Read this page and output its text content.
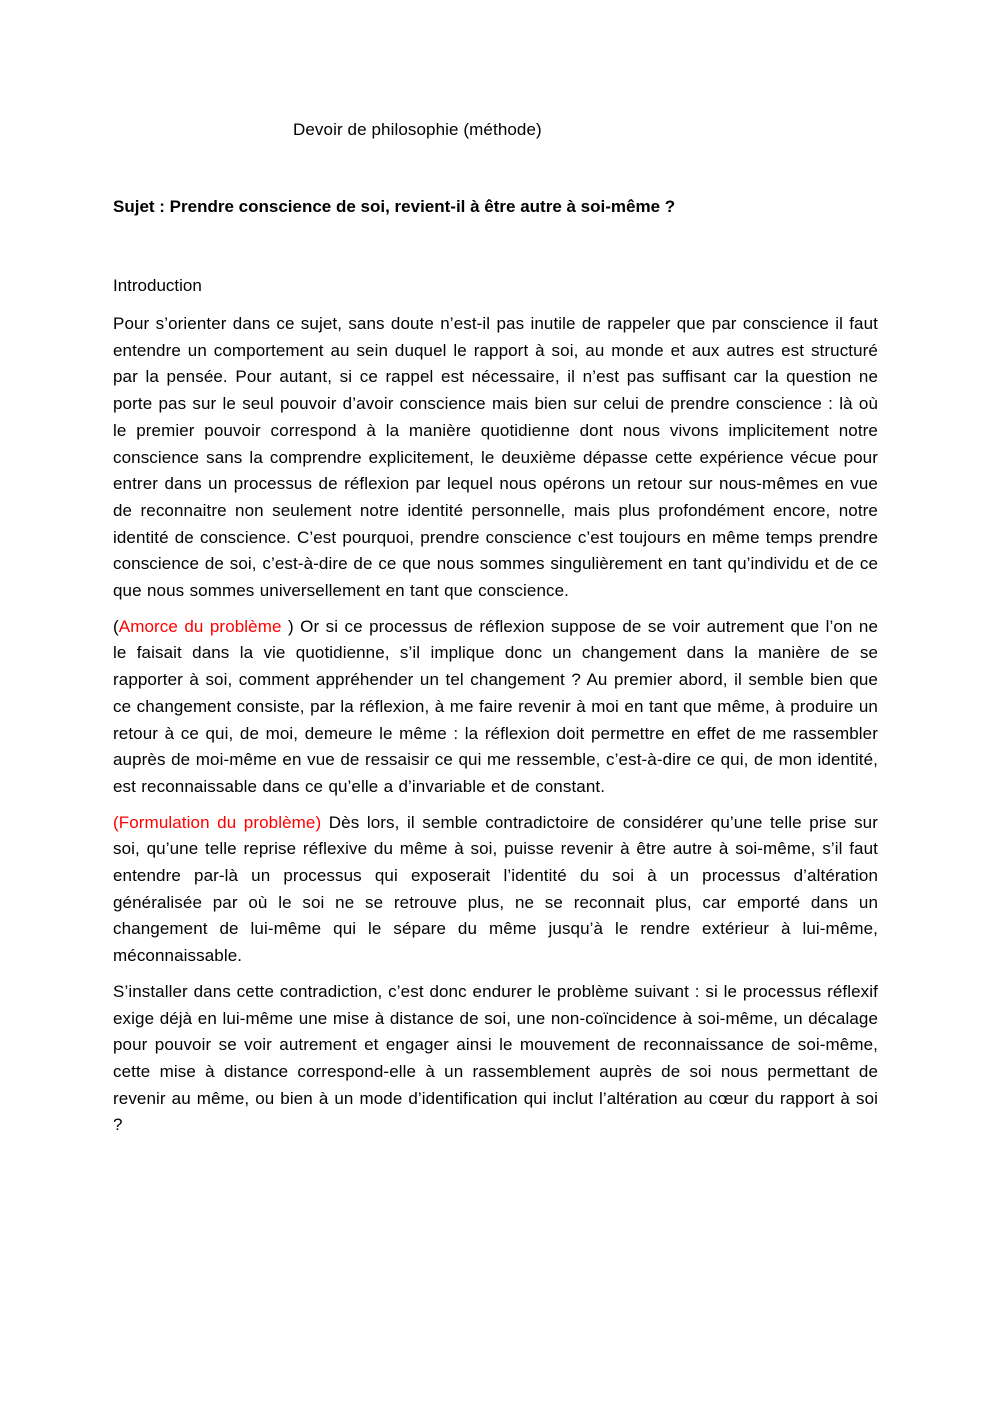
Devoir de philosophie (méthode)

Sujet : Prendre conscience de soi, revient-il à être autre à soi-même ?

Introduction

Pour s’orienter dans ce sujet, sans doute n’est-il pas inutile de rappeler que par conscience il faut entendre un comportement au sein duquel le rapport à soi, au monde et aux autres est structuré par la pensée. Pour autant, si ce rappel est nécessaire, il n’est pas suffisant car la question ne porte pas sur le seul pouvoir d’avoir conscience mais bien sur celui de prendre conscience : là où le premier pouvoir correspond à la manière quotidienne dont nous vivons implicitement notre conscience sans la comprendre explicitement, le deuxième dépasse cette expérience vécue pour entrer dans un processus de réflexion par lequel nous opérons un retour sur nous-mêmes en vue de reconnaitre non seulement notre identité personnelle, mais plus profondément encore, notre identité de conscience. C’est pourquoi, prendre conscience c’est toujours en même temps prendre conscience de soi, c’est-à-dire de ce que nous sommes singulièrement en tant qu’individu et de ce que nous sommes universellement en tant que conscience.

(Amorce du problème ) Or si ce processus de réflexion suppose de se voir autrement que l’on ne le faisait dans la vie quotidienne, s’il implique donc un changement dans la manière de se rapporter à soi, comment appréhender un tel changement ? Au premier abord, il semble bien que ce changement consiste, par la réflexion, à me faire revenir à moi en tant que même, à produire un retour à ce qui, de moi, demeure le même : la réflexion doit permettre en effet de me rassembler auprès de moi-même en vue de ressaisir ce qui me ressemble, c’est-à-dire ce qui, de mon identité, est reconnaissable dans ce qu’elle a d’invariable et de constant.

(Formulation du problème) Dès lors, il semble contradictoire de considérer qu’une telle prise sur soi, qu’une telle reprise réflexive du même à soi, puisse revenir à être autre à soi-même, s’il faut entendre par-là un processus qui exposerait l’identité du soi à un processus d’altération généralisée par où le soi ne se retrouve plus, ne se reconnait plus, car emporté dans un changement de lui-même qui le sépare du même jusqu’à le rendre extérieur à lui-même, méconnaissable.

S’installer dans cette contradiction, c’est donc endurer le problème suivant : si le processus réflexif exige déjà en lui-même une mise à distance de soi, une non-coïncidence à soi-même, un décalage pour pouvoir se voir autrement et engager ainsi le mouvement de reconnaissance de soi-même, cette mise à distance correspond-elle à un rassemblement auprès de soi nous permettant de revenir au même, ou bien à un mode d’identification qui inclut l’altération au cœur du rapport à soi ?
